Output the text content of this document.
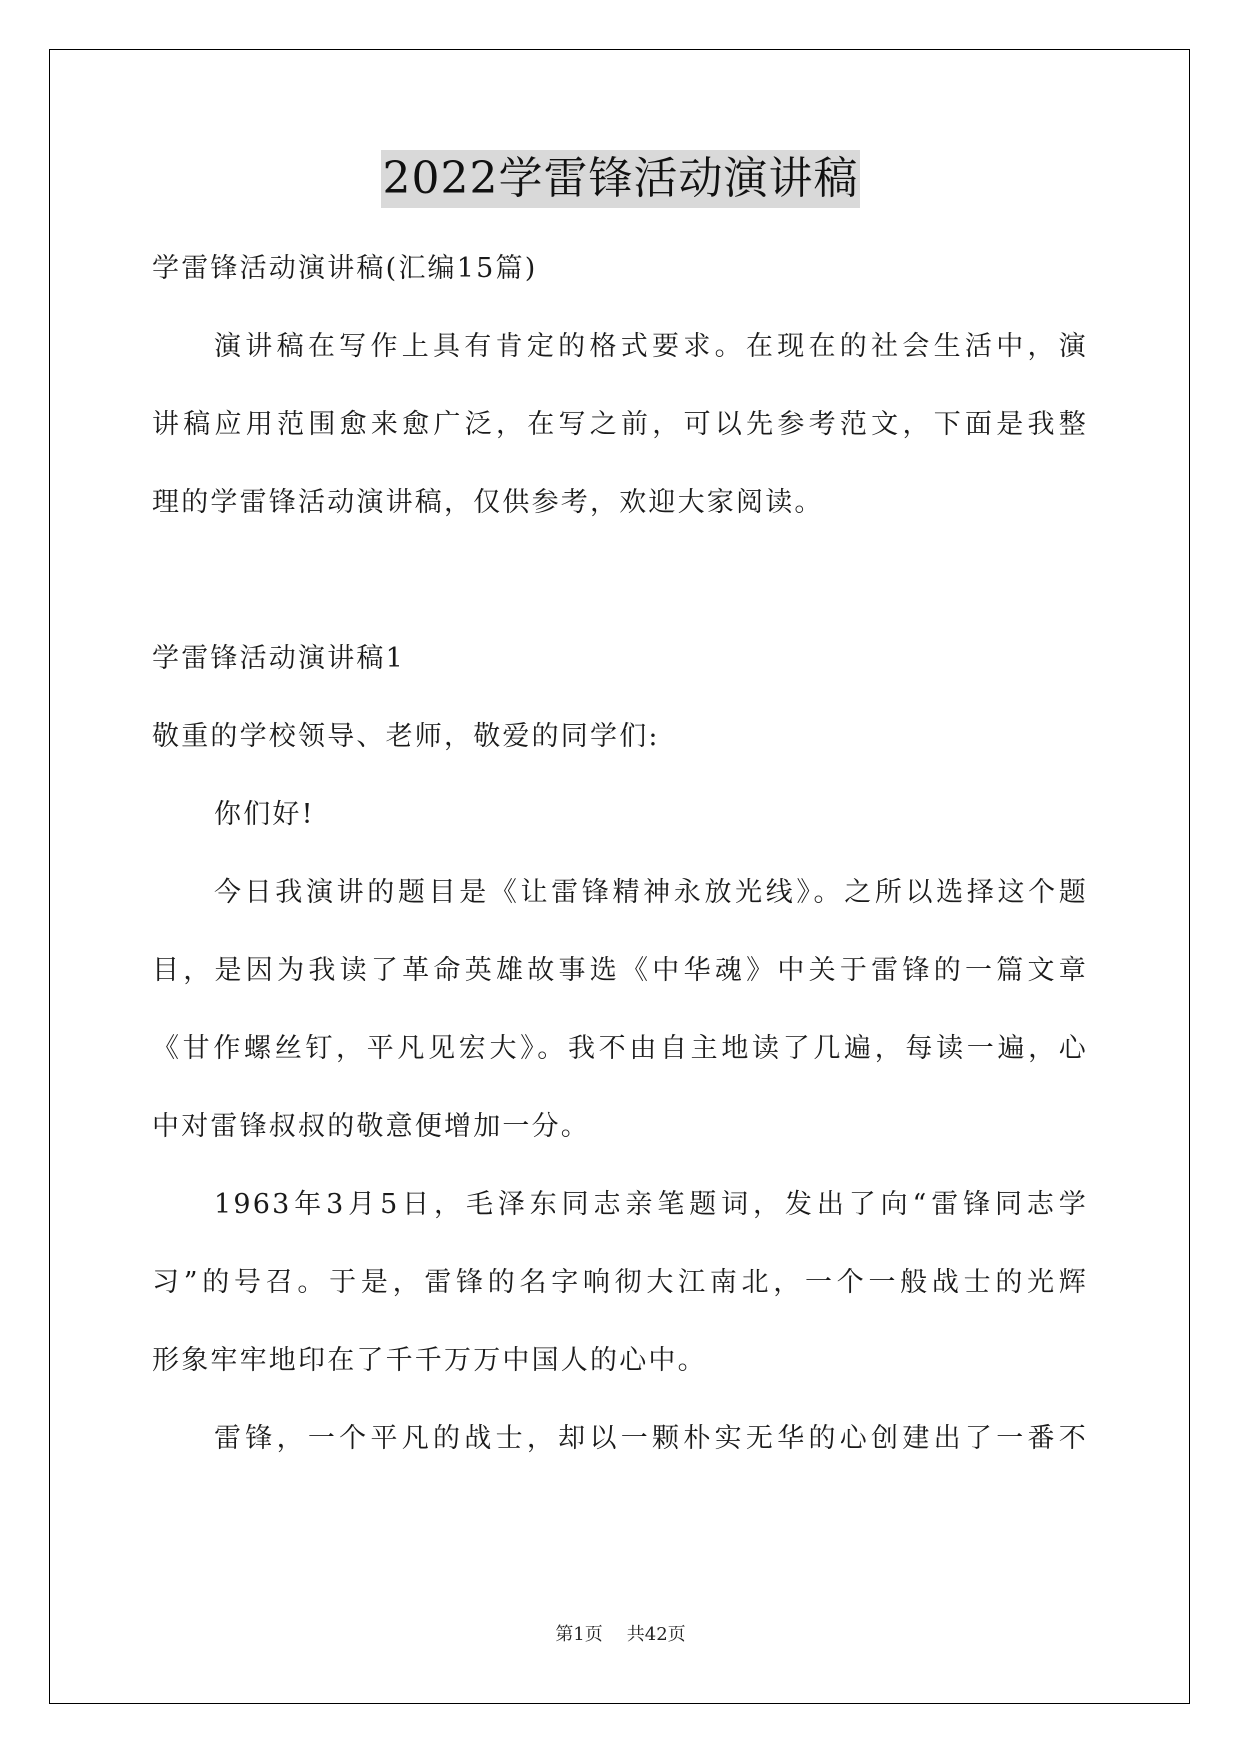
2022学雷锋活动演讲稿
学雷锋活动演讲稿(汇编15篇)
演讲稿在写作上具有肯定的格式要求。在现在的社会生活中，演
讲稿应用范围愈来愈广泛，在写之前，可以先参考范文，下面是我整
理的学雷锋活动演讲稿，仅供参考，欢迎大家阅读。
学雷锋活动演讲稿1
敬重的学校领导、老师，敬爱的同学们:
你们好!
今日我演讲的题目是《让雷锋精神永放光线》。之所以选择这个题
目，是因为我读了革命英雄故事选《中华魂》中关于雷锋的一篇文章
《甘作螺丝钉，平凡见宏大》。我不由自主地读了几遍，每读一遍，心
中对雷锋叔叔的敬意便增加一分。
1963年3月5日，毛泽东同志亲笔题词，发出了向“雷锋同志学
习”的号召。于是，雷锋的名字响彻大江南北，一个一般战士的光辉
形象牢牢地印在了千千万万中国人的心中。
雷锋，一个平凡的战士，却以一颗朴实无华的心创建出了一番不
第1页 共42页
